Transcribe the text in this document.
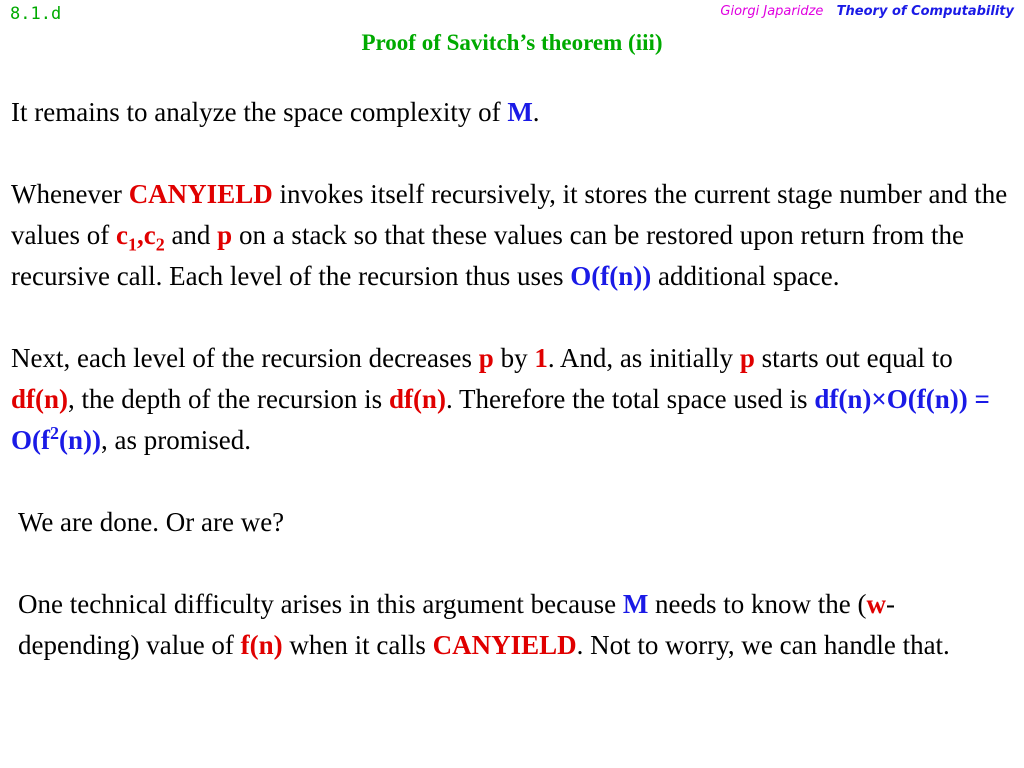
8.1.d	Giorgi Japaridze Theory of Computability
Proof of Savitch’s theorem (iii)

It remains to analyze the space complexity of M.

Whenever CANYIELD invokes itself recursively, it stores the current stage number and the values of $c_1,c_2$ and p on a stack so that these values can be restored upon return from the recursive call. Each level of the recursion thus uses O(f(n)) additional space.

Next, each level of the recursion decreases p by 1. And, as initially p starts out equal to df(n), the depth of the recursion is df(n). Therefore the total space used is $df(n)\times O(f(n)) = O(f^2(n))$, as promised.

We are done. Or are we?

One technical difficulty arises in this argument because M needs to know the (w-depending) value of f(n) when it calls CANYIELD. Not to worry, we can handle that.
